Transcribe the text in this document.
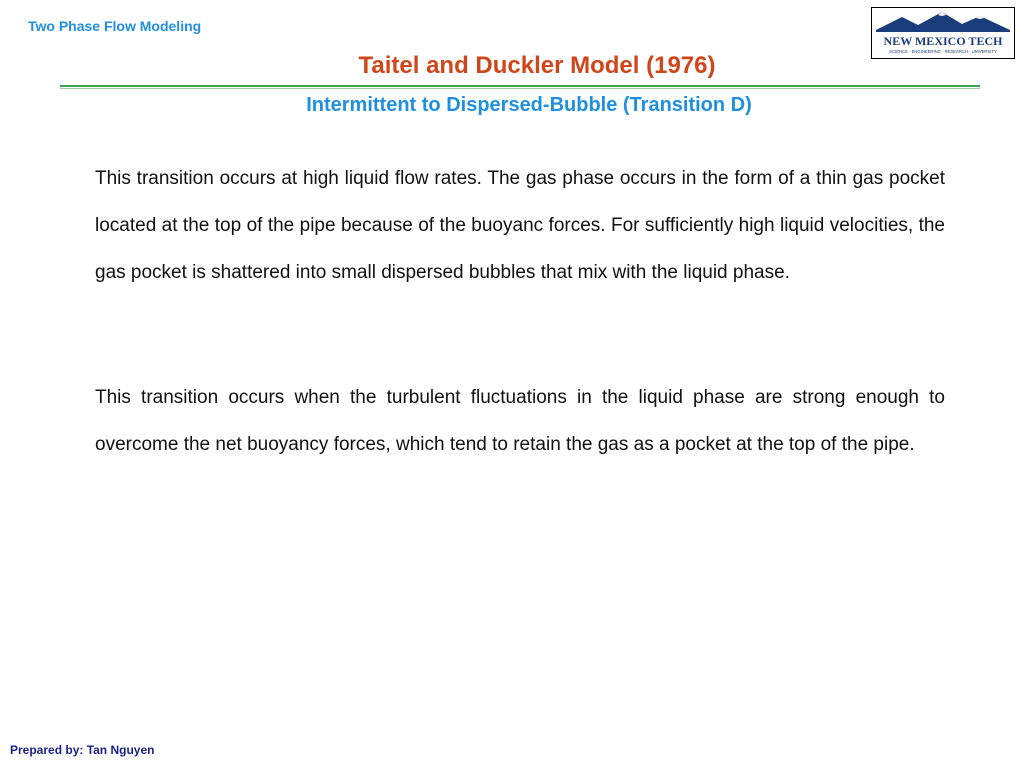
Two Phase Flow Modeling
NEW MEXICO TECH
SCIENCE · ENGINEERING · RESEARCH · UNIVERSITY
Taitel and Duckler Model (1976)
Intermittent to Dispersed-Bubble (Transition D)
This transition occurs at high liquid flow rates. The gas phase occurs in the form of a thin gas pocket located at the top of the pipe because of the buoyanc forces. For sufficiently high liquid velocities, the gas pocket is shattered into small dispersed bubbles that mix with the liquid phase.
This transition occurs when the turbulent fluctuations in the liquid phase are strong enough to overcome the net buoyancy forces, which tend to retain the gas as a pocket at the top of the pipe.
Prepared by: Tan Nguyen
